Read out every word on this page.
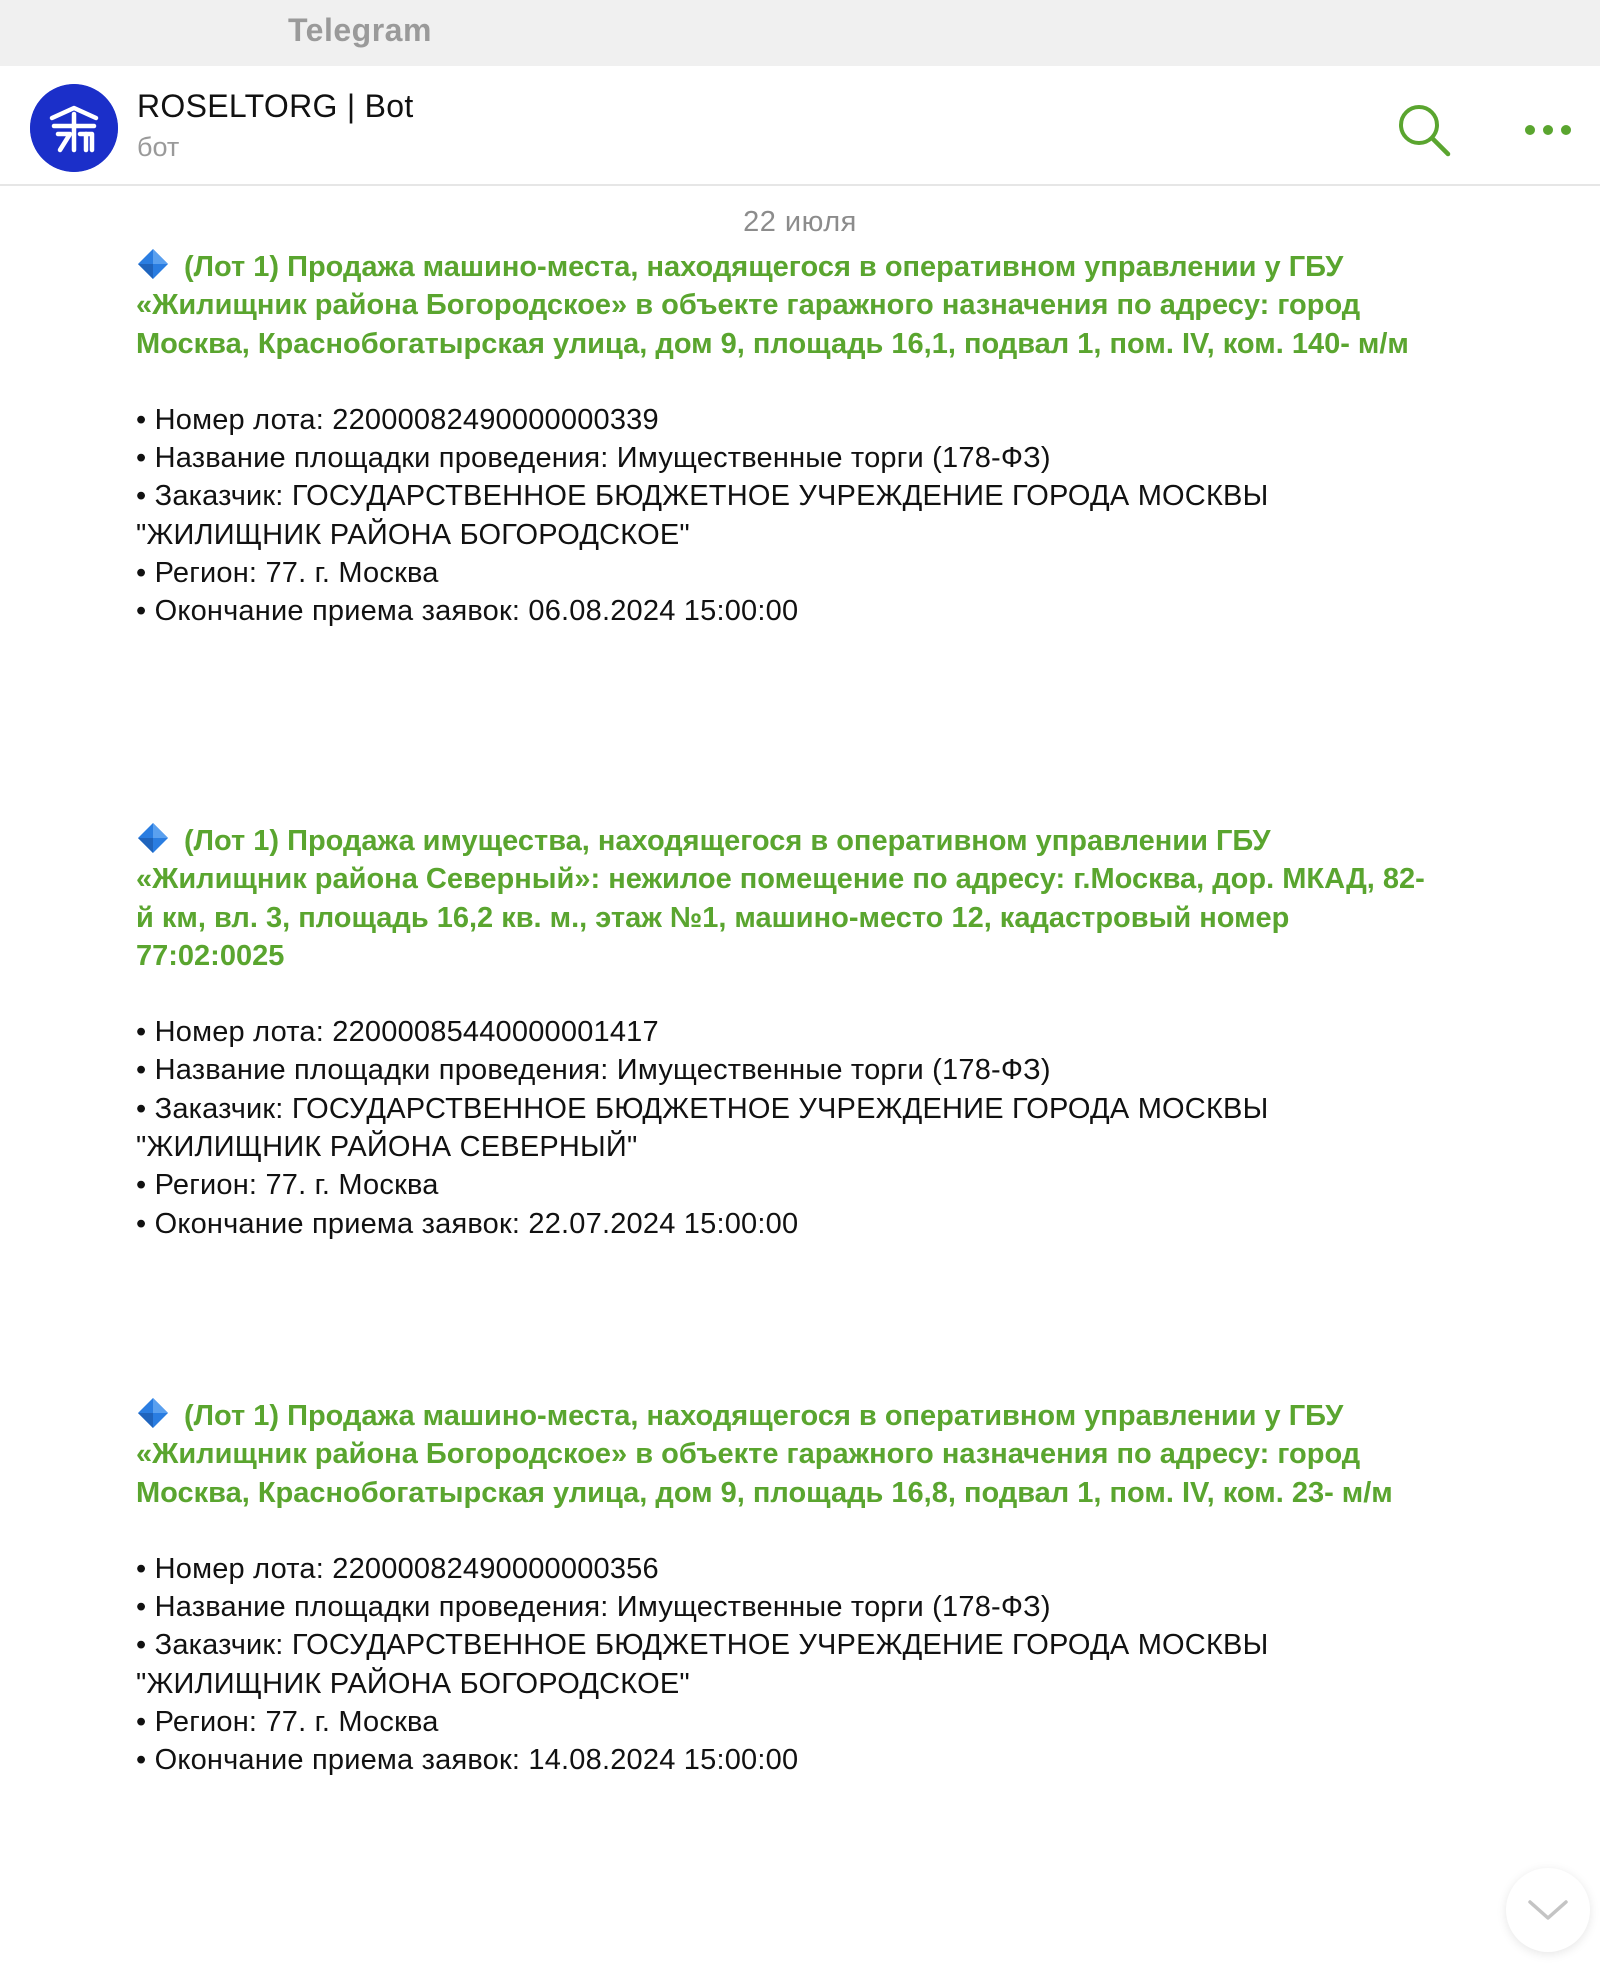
Telegram
ROSELTORG | Bot
бот
22 июля

(Лот 1) Продажа машино-места, находящегося в оперативном управлении у ГБУ «Жилищник района Богородское» в объекте гаражного назначения по адресу: город Москва, Краснобогатырская улица, дом 9, площадь 16,1, подвал 1, пом. IV, ком. 140- м/м

• Номер лота: 22000082490000000339
• Название площадки проведения: Имущественные торги (178-ФЗ)
• Заказчик: ГОСУДАРСТВЕННОЕ БЮДЖЕТНОЕ УЧРЕЖДЕНИЕ ГОРОДА МОСКВЫ "ЖИЛИЩНИК РАЙОНА БОГОРОДСКОЕ"
• Регион: 77. г. Москва
• Окончание приема заявок: 06.08.2024 15:00:00

(Лот 1) Продажа имущества, находящегося в оперативном управлении ГБУ «Жилищник района Северный»: нежилое помещение по адресу: г.Москва, дор. МКАД, 82-й км, вл. 3, площадь 16,2 кв. м., этаж №1, машино-место 12, кадастровый номер 77:02:0025

• Номер лота: 22000085440000001417
• Название площадки проведения: Имущественные торги (178-ФЗ)
• Заказчик: ГОСУДАРСТВЕННОЕ БЮДЖЕТНОЕ УЧРЕЖДЕНИЕ ГОРОДА МОСКВЫ "ЖИЛИЩНИК РАЙОНА СЕВЕРНЫЙ"
• Регион: 77. г. Москва
• Окончание приема заявок: 22.07.2024 15:00:00

(Лот 1) Продажа машино-места, находящегося в оперативном управлении у ГБУ «Жилищник района Богородское» в объекте гаражного назначения по адресу: город Москва, Краснобогатырская улица, дом 9, площадь 16,8, подвал 1, пом. IV, ком. 23- м/м

• Номер лота: 22000082490000000356
• Название площадки проведения: Имущественные торги (178-ФЗ)
• Заказчик: ГОСУДАРСТВЕННОЕ БЮДЖЕТНОЕ УЧРЕЖДЕНИЕ ГОРОДА МОСКВЫ "ЖИЛИЩНИК РАЙОНА БОГОРОДСКОЕ"
• Регион: 77. г. Москва
• Окончание приема заявок: 14.08.2024 15:00:00
